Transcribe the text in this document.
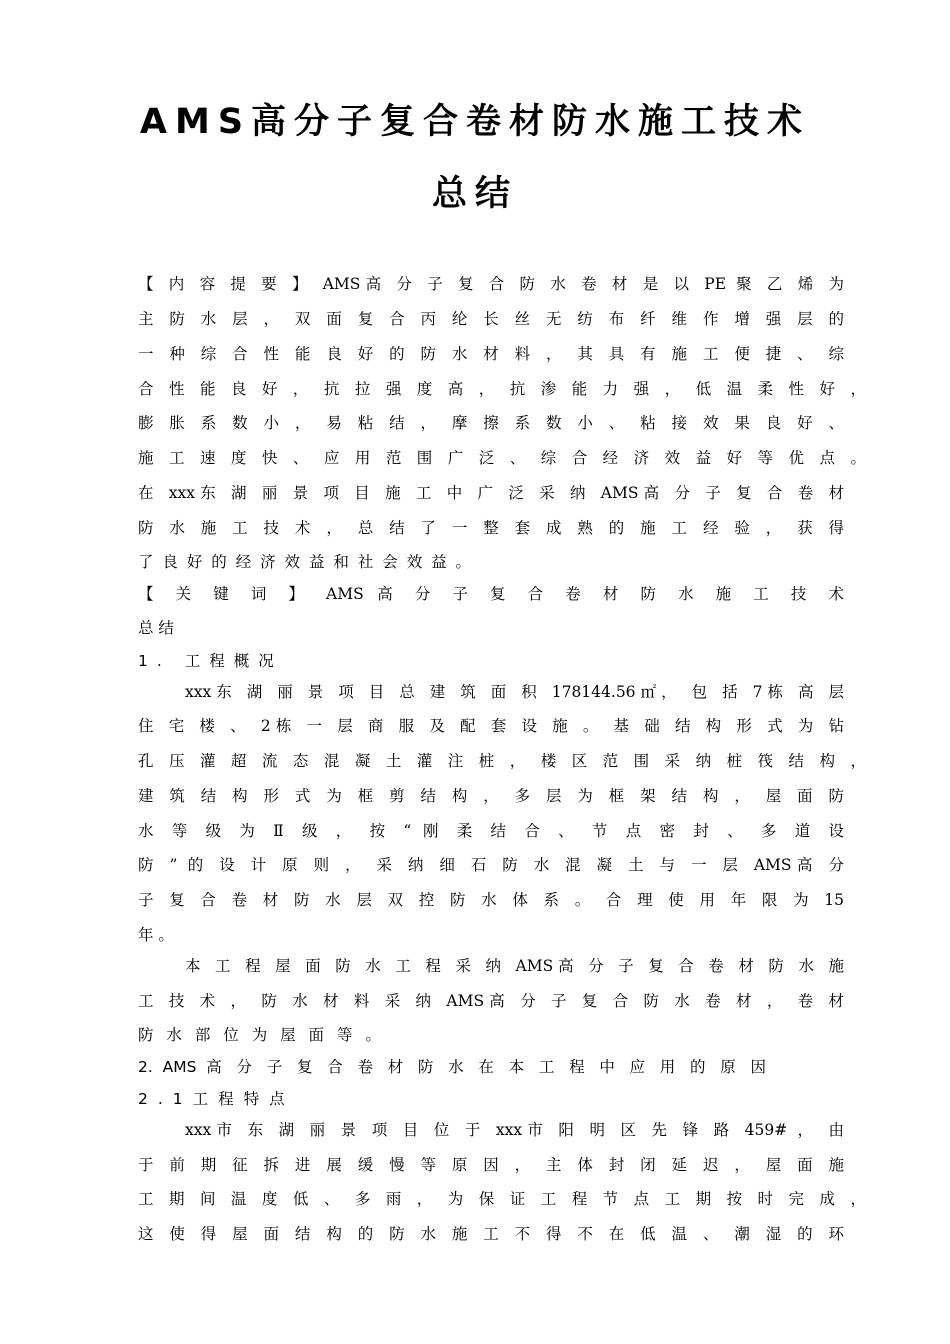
AMS高分子复合卷材防水施工技术
总结
【 内 容 提 要 】 AMS高 分 子 复 合 防 水 卷 材 是 以 PE 聚 乙 烯 为
主 防 水 层 ， 双 面 复 合 丙 纶 长 丝 无 纺 布 纤 维 作 增 强 层 的
一 种 综 合 性 能 良 好 的 防 水 材 料 ， 其 具 有 施 工 便 捷 、 综
合 性 能 良 好 ， 抗 拉 强 度 高 ， 抗 渗 能 力 强 ， 低 温 柔 性 好 ，
膨 胀 系 数 小 ， 易 粘 结 ， 摩 擦 系 数 小 、 粘 接 效 果 良 好 、
施 工 速 度 快 、 应 用 范 围 广 泛 、 综 合 经 济 效 益 好 等 优 点 。
在 xxx东 湖 丽 景 项 目 施 工 中 广 泛 采 纳 AMS高 分 子 复 合 卷 材
防 水 施 工 技 术 ， 总 结 了 一 整 套 成 熟 的 施 工 经 验 ， 获 得
了 良 好 的 经 济 效 益 和 社 会 效 益 。
【 关 键 词 】 AMS 高 分 子 复 合 卷 材 防 水 施 工 技 术
总 结
1. 工程概况
xxx东 湖 丽 景 项 目 总 建 筑 面 积 178144.56㎡， 包 括 7栋 高 层
住 宅 楼 、 2栋 一 层 商 服 及 配 套 设 施 。 基 础 结 构 形 式 为 钻
孔 压 灌 超 流 态 混 凝 土 灌 注 桩 ， 楼 区 范 围 采 纳 桩 筏 结 构 ，
建 筑 结 构 形 式 为 框 剪 结 构 ， 多 层 为 框 架 结 构 ， 屋 面 防
水 等 级 为 Ⅱ 级 ， 按 “ 刚 柔 结 合 、 节 点 密 封 、 多 道 设
防 ” 的 设 计 原 则 ， 采 纳 细 石 防 水 混 凝 土 与 一 层 AMS高 分
子 复 合 卷 材 防 水 层 双 控 防 水 体 系 。 合 理 使 用 年 限 为 15
年 。
本 工 程 屋 面 防 水 工 程 采 纳 AMS高 分 子 复 合 卷 材 防 水 施
工 技 术 ， 防 水 材 料 采 纳 AMS高 分 子 复 合 防 水 卷 材 ， 卷 材
防 水 部 位 为 屋 面 等 。
2. AMS 高 分 子 复 合 卷 材 防 水 在 本 工 程 中 应 用 的 原 因
2.1工程特点
xxx市 东 湖 丽 景 项 目 位 于 xxx市 阳 明 区 先 锋 路 459# ， 由
于 前 期 征 拆 进 展 缓 慢 等 原 因 ， 主 体 封 闭 延 迟 ， 屋 面 施
工 期 间 温 度 低 、 多 雨 ， 为 保 证 工 程 节 点 工 期 按 时 完 成 ，
这 使 得 屋 面 结 构 的 防 水 施 工 不 得 不 在 低 温 、 潮 湿 的 环
